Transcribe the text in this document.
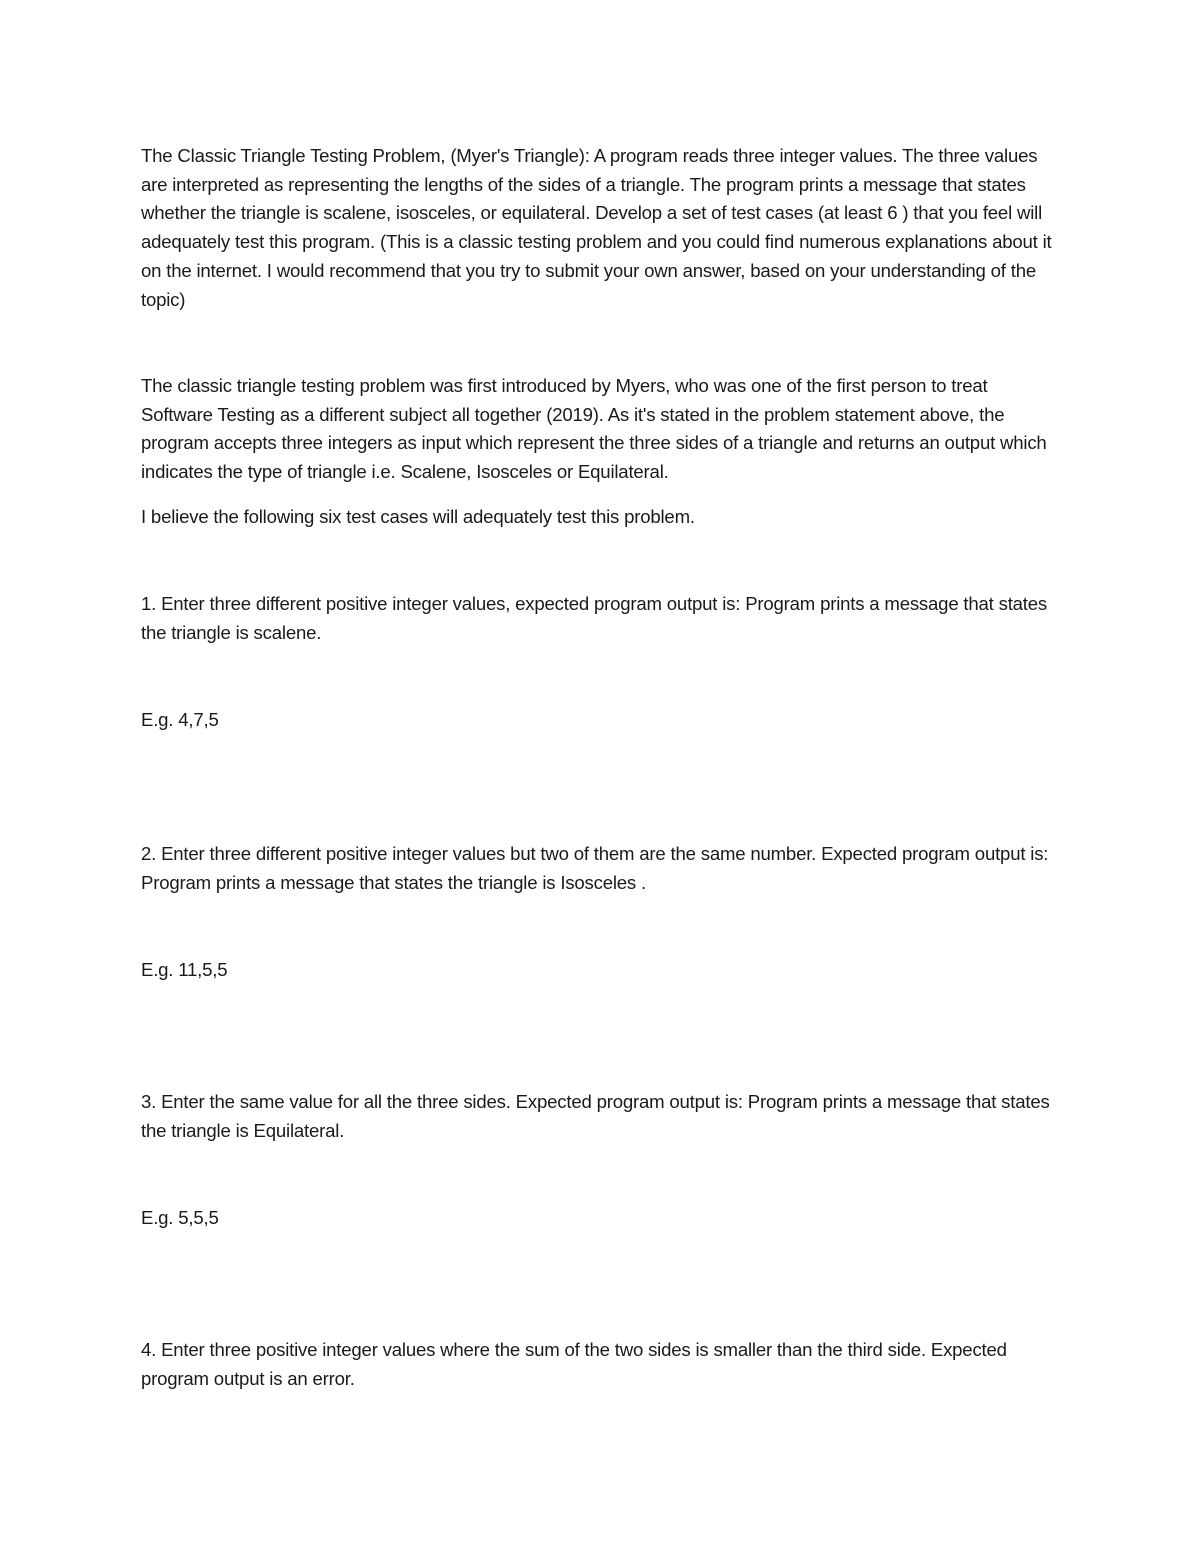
The Classic Triangle Testing Problem, (Myer's Triangle): A program reads three integer values. The three values are interpreted as representing the lengths of the sides of a triangle. The program prints a message that states whether the triangle is scalene, isosceles, or equilateral. Develop a set of test cases (at least 6 ) that you feel will adequately test this program. (This is a classic testing problem and you could find numerous explanations about it on the internet. I would recommend that you try to submit your own answer, based on your understanding of the topic)

The classic triangle testing problem was first introduced by Myers, who was one of the first person to treat Software Testing as a different subject all together (2019). As it's stated in the problem statement above, the program accepts three integers as input which represent the three sides of a triangle and returns an output which indicates the type of triangle i.e. Scalene, Isosceles or Equilateral.

I believe the following six test cases will adequately test this problem.

1. Enter three different positive integer values, expected program output is: Program prints a message that states the triangle is scalene.

E.g. 4,7,5

2. Enter three different positive integer values but two of them are the same number. Expected program output is: Program prints a message that states the triangle is Isosceles .

E.g. 11,5,5

3. Enter the same value for all the three sides. Expected program output is: Program prints a message that states the triangle is Equilateral.

E.g. 5,5,5

4. Enter three positive integer values where the sum of the two sides is smaller than the third side. Expected program output is an error.
